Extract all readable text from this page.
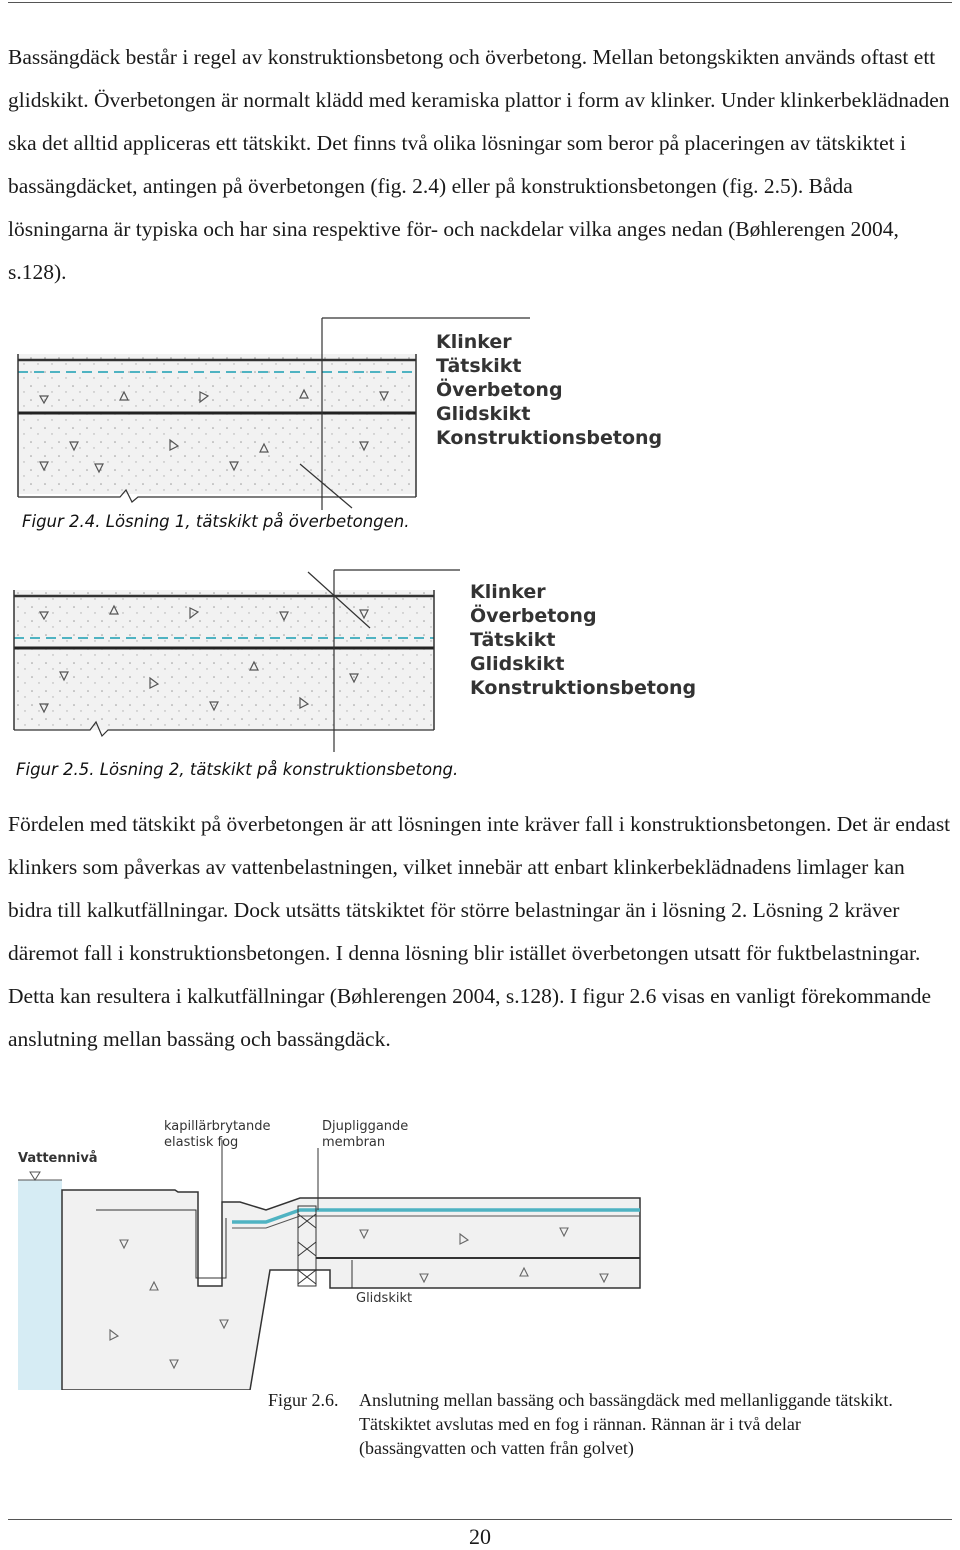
Bassängdäck består i regel av konstruktionsbetong och överbetong. Mellan betongskikten används oftast ett glidskikt. Överbetongen är normalt klädd med keramiska plattor i form av klinker. Under klinkerbeklädnaden ska det alltid appliceras ett tätskikt. Det finns två olika lösningar som beror på placeringen av tätskiktet i bassängdäcket, antingen på överbetongen (fig. 2.4) eller på konstruktionsbetongen (fig. 2.5). Båda lösningarna är typiska och har sina respektive för- och nackdelar vilka anges nedan (Bøhlerengen 2004, s.128).

Klinker
Tätskikt
Överbetong
Glidskikt
Konstruktionsbetong
Figur 2.4. Lösning 1, tätskikt på överbetongen.
Klinker
Överbetong
Tätskikt
Glidskikt
Konstruktionsbetong
Figur 2.5. Lösning 2, tätskikt på konstruktionsbetong.

Fördelen med tätskikt på överbetongen är att lösningen inte kräver fall i konstruktionsbetongen. Det är endast klinkers som påverkas av vattenbelastningen, vilket innebär att enbart klinkerbeklädnadens limlager kan bidra till kalkutfällningar. Dock utsätts tätskiktet för större belastningar än i lösning 2. Lösning 2 kräver däremot fall i konstruktionsbetongen. I denna lösning blir istället överbetongen utsatt för fuktbelastningar. Detta kan resultera i kalkutfällningar (Bøhlerengen 2004, s.128). I figur 2.6 visas en vanligt förekommande anslutning mellan bassäng och bassängdäck.

Vattennivå
kapillärbrytande
elastisk fog
Djupliggande
membran
Glidskikt
Figur 2.6. Anslutning mellan bassäng och bassängdäck med mellanliggande tätskikt. Tätskiktet avslutas med en fog i rännan. Rännan är i två delar (bassängvatten och vatten från golvet)
20
